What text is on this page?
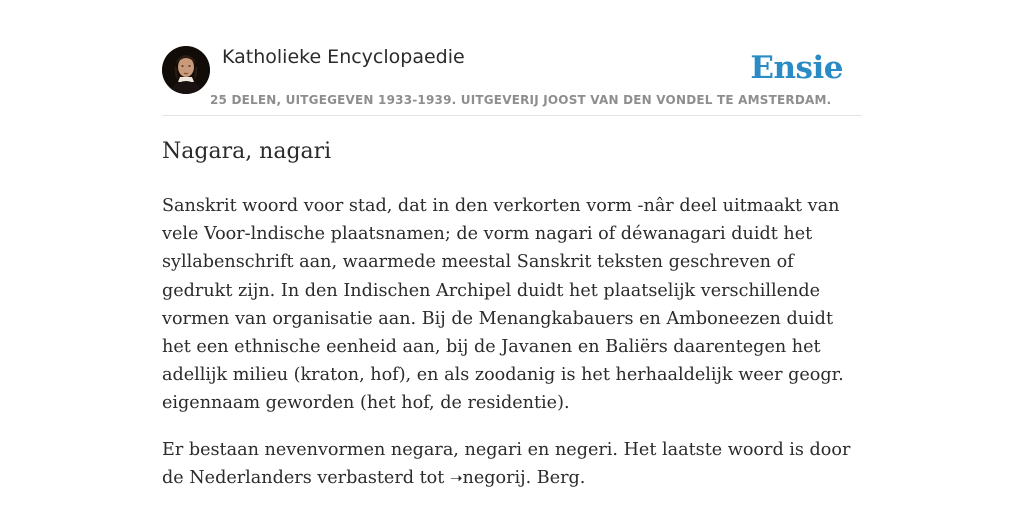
Katholieke Encyclopaedie	Ensie
25 DELEN, UITGEGEVEN 1933-1939. UITGEVERIJ JOOST VAN DEN VONDEL TE AMSTERDAM.
Nagara, nagari

Sanskrit woord voor stad, dat in den verkorten vorm -nâr deel uitmaakt van vele Voor-lndische plaatsnamen; de vorm nagari of déwanagari duidt het syllabenschrift aan, waarmede meestal Sanskrit teksten geschreven of gedrukt zijn. In den Indischen Archipel duidt het plaatselijk verschillende vormen van organisatie aan. Bij de Menangkabauers en Amboneezen duidt het een ethnische eenheid aan, bij de Javanen en Baliërs daarentegen het adellijk milieu (kraton, hof), en als zoodanig is het herhaaldelijk weer geogr. eigennaam geworden (het hof, de residentie).

Er bestaan nevenvormen negara, negari en negeri. Het laatste woord is door de Nederlanders verbasterd tot ➝negorij. Berg.
